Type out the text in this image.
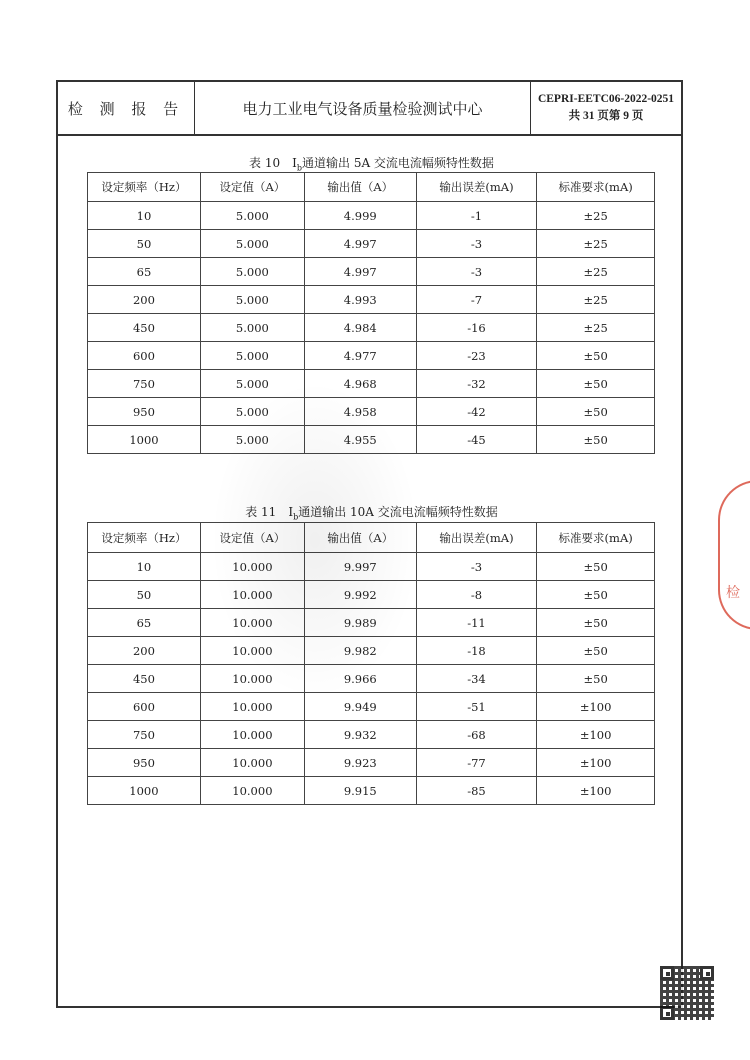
检 测 报 告	电力工业电气设备质量检验测试中心
CEPRI-EETC06-2022-0251
共 31 页第 9 页
表 10　$I_b$通道输出 5A 交流电流幅频特性数据
设定频率（Hz）	设定值（A）	输出值（A）	输出误差(mA)	标准要求(mA)
10	5.000	4.999	-1	±25
50	5.000	4.997	-3	±25
65	5.000	4.997	-3	±25
200	5.000	4.993	-7	±25
450	5.000	4.984	-16	±25
600	5.000	4.977	-23	±50
750	5.000	4.968	-32	±50
950	5.000	4.958	-42	±50
1000	5.000	4.955	-45	±50
表 11　$I_b$通道输出 10A 交流电流幅频特性数据
设定频率（Hz）	设定值（A）	输出值（A）	输出误差(mA)	标准要求(mA)
10	10.000	9.997	-3	±50
50	10.000	9.992	-8	±50
65	10.000	9.989	-11	±50
200	10.000	9.982	-18	±50
450	10.000	9.966	-34	±50
600	10.000	9.949	-51	±100
750	10.000	9.932	-68	±100
950	10.000	9.923	-77	±100
1000	10.000	9.915	-85	±100
检
